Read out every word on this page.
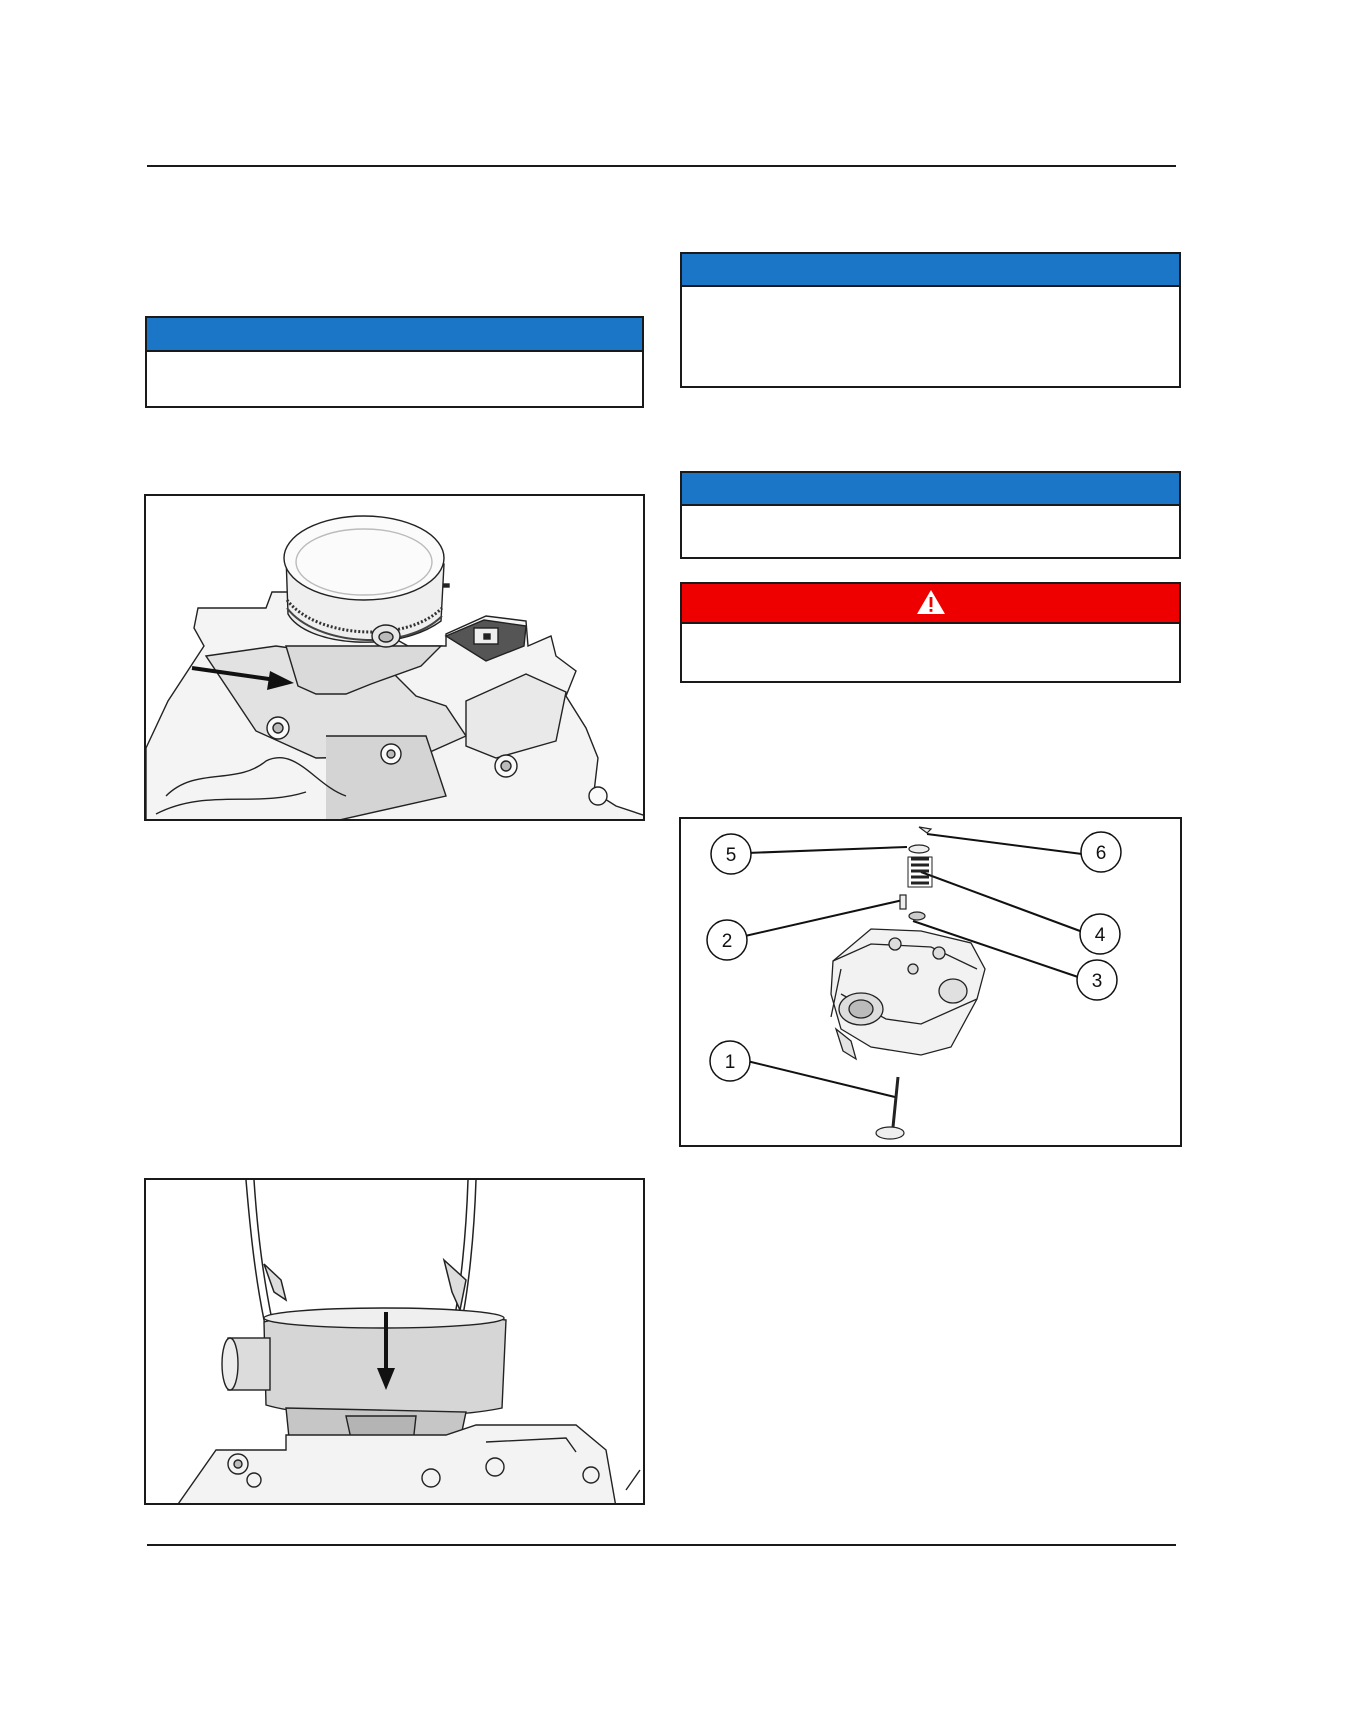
5	6
2	4
3
1
